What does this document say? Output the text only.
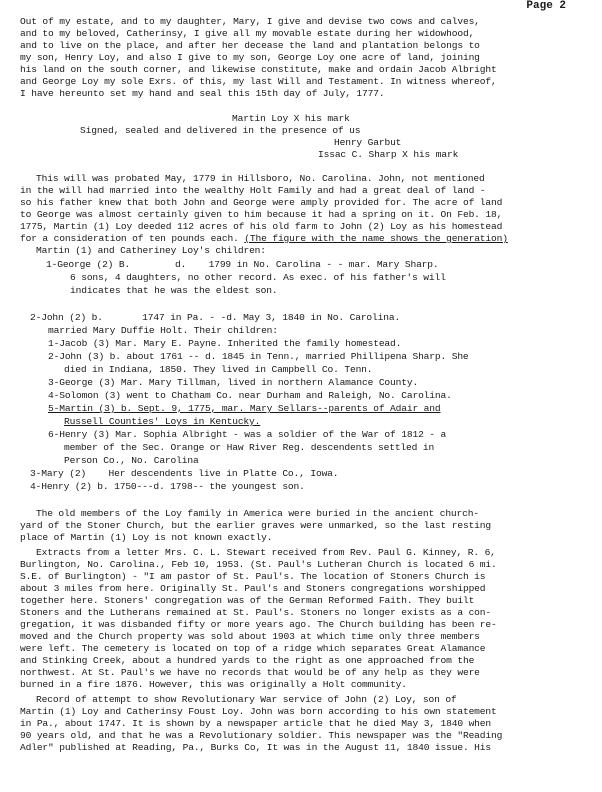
Page 2
Out of my estate, and to my daughter, Mary, I give and devise two cows and calves,
and to my beloved, Catherinsy, I give all my movable estate during her widowhood,
and to live on the place, and after her decease the land and plantation belongs to
my son, Henry Loy, and also I give to my son, George Loy one acre of land, joining
his land on the south corner, and likewise constitute, make and ordain Jacob Albright
and George Loy my sole Exrs. of this, my last Will and Testament. In witness whereof,
I have hereunto set my hand and seal this 15th day of July, 1777.
Martin Loy X his mark
Signed, sealed and delivered in the presence of us
Henry Garbut
Issac C. Sharp X his mark
This will was probated May, 1779 in Hillsboro, No. Carolina. John, not mentioned
in the will had married into the wealthy Holt Family and had a great deal of land -
so his father knew that both John and George were amply provided for. The acre of land
to George was almost certainly given to him because it had a spring on it. On Feb. 18,
1775, Martin (1) Loy deeded 112 acres of his old farm to John (2) Loy as his homestead
for a consideration of ten pounds each. (The figure with the name shows the generation)
Martin (1) and Catheriney Loy's children:
1-George (2) B.        d.    1799 in No. Carolina - - mar. Mary Sharp.
6 sons, 4 daughters, no other record. As exec. of his father's will
indicates that he was the eldest son.
2-John (2) b.       1747 in Pa. - -d. May 3, 1840 in No. Carolina.
married Mary Duffie Holt. Their children:
1-Jacob (3) Mar. Mary E. Payne. Inherited the family homestead.
2-John (3) b. about 1761 -- d. 1845 in Tenn., married Phillipena Sharp. She
died in Indiana, 1850. They lived in Campbell Co. Tenn.
3-George (3) Mar. Mary Tillman, lived in northern Alamance County.
4-Solomon (3) went to Chatham Co. near Durham and Raleigh, No. Carolina.
5-Martin (3) b. Sept. 9, 1775, mar. Mary Sellars--parents of Adair and
Russell Counties' Loys in Kentucky.
6-Henry (3) Mar. Sophia Albright - was a soldier of the War of 1812 - a
member of the Sec. Orange or Haw River Reg. descendents settled in
Person Co., No. Carolina
3-Mary (2)    Her descendents live in Platte Co., Iowa.
4-Henry (2) b. 1750---d. 1798-- the youngest son.
The old members of the Loy family in America were buried in the ancient church-
yard of the Stoner Church, but the earlier graves were unmarked, so the last resting
place of Martin (1) Loy is not known exactly.
Extracts from a letter Mrs. C. L. Stewart received from Rev. Paul G. Kinney, R. 6,
Burlington, No. Carolina., Feb 10, 1953. (St. Paul's Lutheran Church is located 6 mi.
S.E. of Burlington) - "I am pastor of St. Paul's. The location of Stoners Church is
about 3 miles from here. Originally St. Paul's and Stoners congregations worshipped
together here. Stoners' congregation was of the German Reformed Faith. They built
Stoners and the Lutherans remained at St. Paul's. Stoners no longer exists as a con-
gregation, it was disbanded fifty or more years ago. The Church building has been re-
moved and the Church property was sold about 1903 at which time only three members
were left. The cemetery is located on top of a ridge which separates Great Alamance
and Stinking Creek, about a hundred yards to the right as one approached from the
northwest. At St. Paul's we have no records that would be of any help as they were
burned in a fire 1876. However, this was originally a Holt community.
Record of attempt to show Revolutionary War service of John (2) Loy, son of
Martin (1) Loy and Catherinsy Foust Loy. John was born according to his own statement
in Pa., about 1747. It is shown by a newspaper article that he died May 3, 1840 when
90 years old, and that he was a Revolutionary soldier. This newspaper was the "Reading
Adler" published at Reading, Pa., Burks Co, It was in the August 11, 1840 issue. His
